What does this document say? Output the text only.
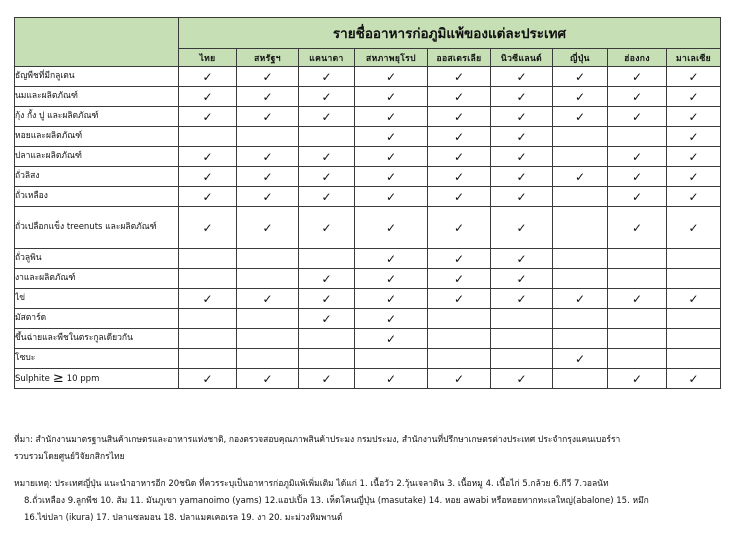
	รายชื่ออาหารก่อภูมิแพ้ของแต่ละประเทศ								
	ไทย	สหรัฐฯ	แคนาดา	สหภาพยุโรป	ออสเตรเลีย	นิวซีแลนด์	ญี่ปุ่น	ฮ่องกง	มาเลเซีย
ธัญพืชที่มีกลูเตน	✓	✓	✓	✓	✓	✓	✓	✓	✓
นมและผลิตภัณฑ์	✓	✓	✓	✓	✓	✓	✓	✓	✓
กุ้ง กั้ง ปู และผลิตภัณฑ์	✓	✓	✓	✓	✓	✓	✓	✓	✓
หอยและผลิตภัณฑ์				✓	✓	✓			✓
ปลาและผลิตภัณฑ์	✓	✓	✓	✓	✓	✓		✓	✓
ถั่วลิสง	✓	✓	✓	✓	✓	✓	✓	✓	✓
ถั่วเหลือง	✓	✓	✓	✓	✓	✓		✓	✓
ถั่วเปลือกแข็ง treenuts และผลิตภัณฑ์	✓	✓	✓	✓	✓	✓		✓	✓
ถั่วลูพิน				✓	✓	✓			
งาและผลิตภัณฑ์			✓	✓	✓	✓			
ไข่	✓	✓	✓	✓	✓	✓	✓	✓	✓
มัสตาร์ด			✓	✓					
ขึ้นฉ่ายและพืชในตระกูลเดียวกัน				✓					
โซบะ							✓		
Sulphite ≥ 10 ppm	✓	✓	✓	✓	✓	✓		✓	✓
ที่มา: สำนักงานมาตรฐานสินค้าเกษตรและอาหารแห่งชาติ, กองตรวจสอบคุณภาพสินค้าประมง กรมประมง, สำนักงานที่ปรึกษาเกษตรต่างประเทศ ประจำกรุงแคนเบอร์รา
รวบรวมโดยศูนย์วิจัยกสิกรไทย
หมายเหตุ: ประเทศญี่ปุ่น แนะนำอาหารอีก 20ชนิด ที่ควรระบุเป็นอาหารก่อภูมิแพ้เพิ่มเติม ได้แก่ 1. เนื้อวัว 2.วุ้นเจลาติน 3. เนื้อหมู 4. เนื้อไก่ 5.กล้วย 6.กีวี 7.วอลนัท
8.ถั่วเหลือง 9.ลูกพีช 10. ส้ม 11. มันภูเขา yamanoimo (yams) 12.แอปเปิ้ล 13. เห็ดโคนญี่ปุ่น (masutake) 14. หอย awabi หรือหอยทากทะเลใหญ่(abalone) 15. หมึก
16.ไข่ปลา (ikura) 17. ปลาแซลมอน 18. ปลาแมคเคอเรล 19. งา 20. มะม่วงหิมพานต์
